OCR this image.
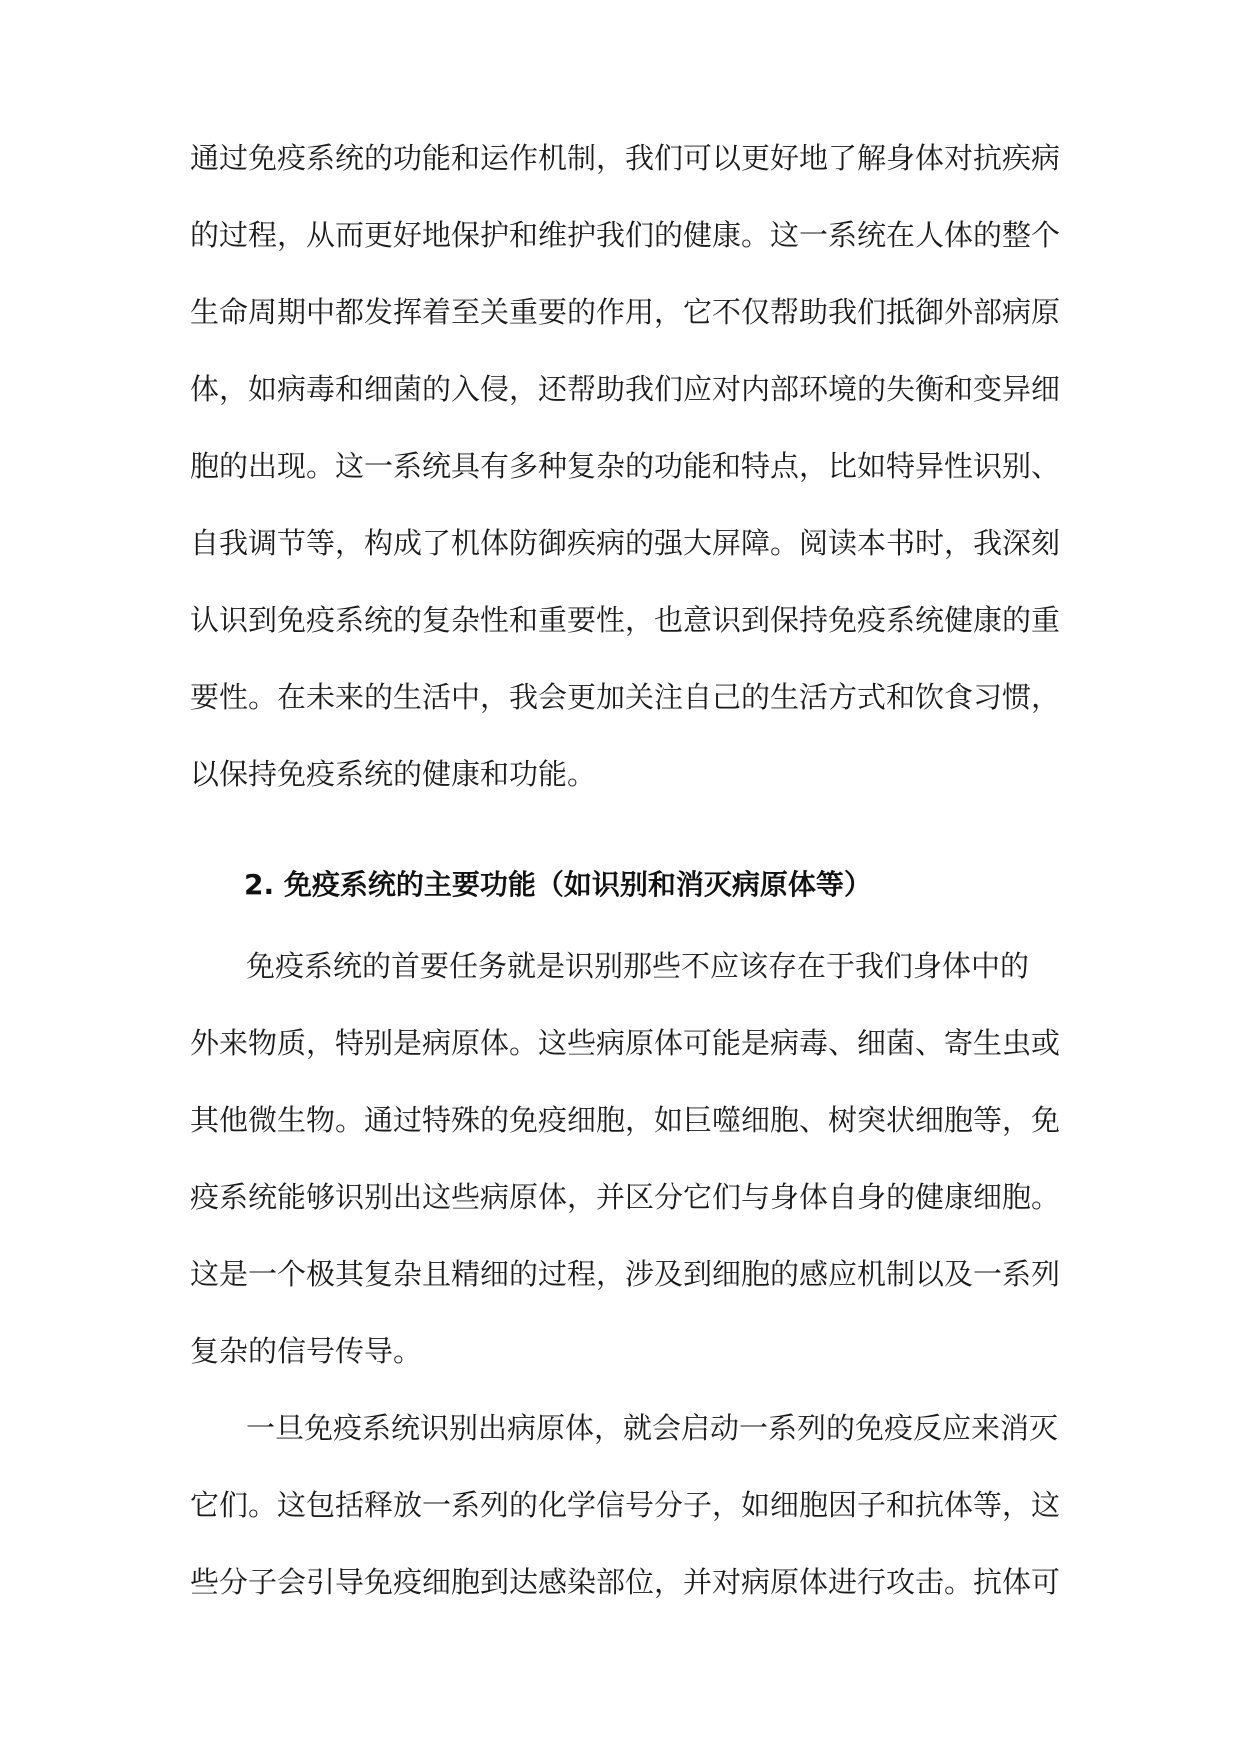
通过免疫系统的功能和运作机制，我们可以更好地了解身体对抗疾病

的过程，从而更好地保护和维护我们的健康。这一系统在人体的整个

生命周期中都发挥着至关重要的作用，它不仅帮助我们抵御外部病原

体，如病毒和细菌的入侵，还帮助我们应对内部环境的失衡和变异细

胞的出现。这一系统具有多种复杂的功能和特点，比如特异性识别、

自我调节等，构成了机体防御疾病的强大屏障。阅读本书时，我深刻

认识到免疫系统的复杂性和重要性，也意识到保持免疫系统健康的重

要性。在未来的生活中，我会更加关注自己的生活方式和饮食习惯，

以保持免疫系统的健康和功能。

2. 免疫系统的主要功能（如识别和消灭病原体等）

免疫系统的首要任务就是识别那些不应该存在于我们身体中的

外来物质，特别是病原体。这些病原体可能是病毒、细菌、寄生虫或

其他微生物。通过特殊的免疫细胞，如巨噬细胞、树突状细胞等，免

疫系统能够识别出这些病原体，并区分它们与身体自身的健康细胞。

这是一个极其复杂且精细的过程，涉及到细胞的感应机制以及一系列

复杂的信号传导。

一旦免疫系统识别出病原体，就会启动一系列的免疫反应来消灭

它们。这包括释放一系列的化学信号分子，如细胞因子和抗体等，这

些分子会引导免疫细胞到达感染部位，并对病原体进行攻击。抗体可
